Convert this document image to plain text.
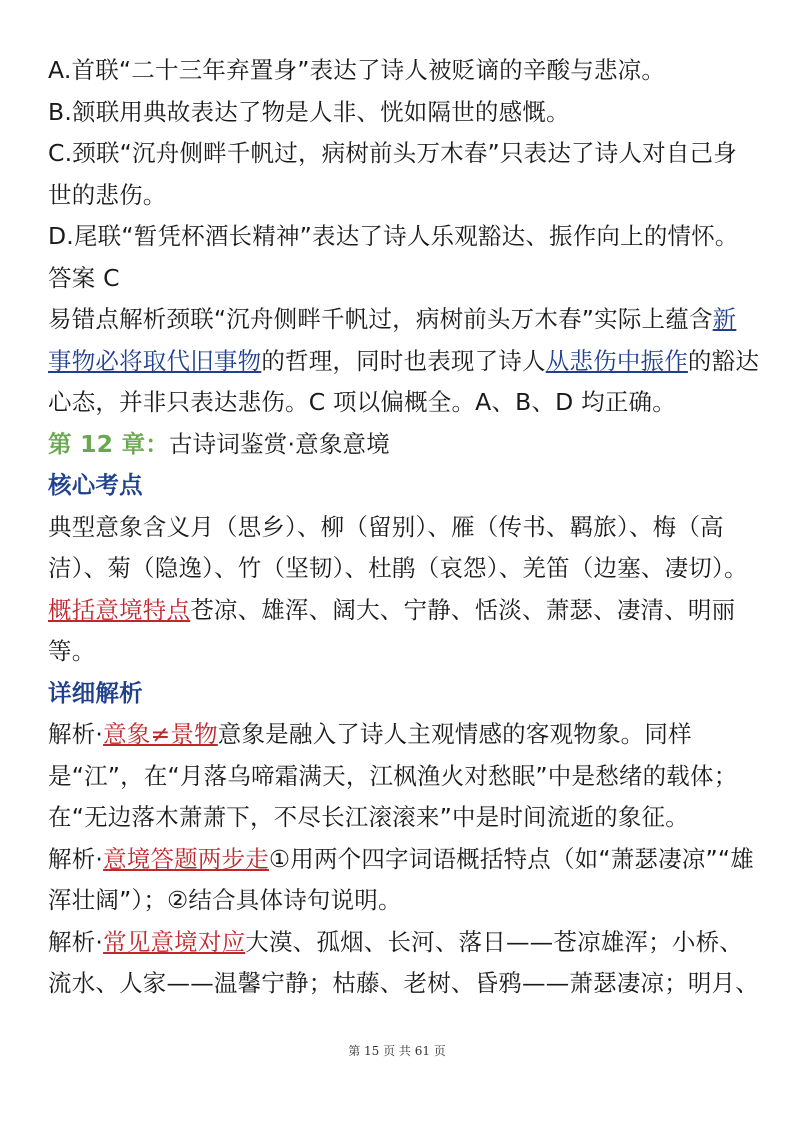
A.首联“二十三年弃置身”表达了诗人被贬谪的辛酸与悲凉。

B.颔联用典故表达了物是人非、恍如隔世的感慨。

C.颈联“沉舟侧畔千帆过，病树前头万木春”只表达了诗人对自己身世的悲伤。

D.尾联“暂凭杯酒长精神”表达了诗人乐观豁达、振作向上的情怀。

答案 C

易错点解析颈联“沉舟侧畔千帆过，病树前头万木春”实际上蕴含新事物必将取代旧事物的哲理，同时也表现了诗人从悲伤中振作的豁达心态，并非只表达悲伤。C 项以偏概全。A、B、D 均正确。

第 12 章：古诗词鉴赏·意象意境

核心考点

典型意象含义月（思乡）、柳（留别）、雁（传书、羁旅）、梅（高洁）、菊（隐逸）、竹（坚韧）、杜鹃（哀怨）、羌笛（边塞、凄切）。

概括意境特点苍凉、雄浑、阔大、宁静、恬淡、萧瑟、凄清、明丽等。

详细解析

解析·意象≠景物意象是融入了诗人主观情感的客观物象。同样是“江”，在“月落乌啼霜满天，江枫渔火对愁眠”中是愁绪的载体；在“无边落木萧萧下，不尽长江滚滚来”中是时间流逝的象征。

解析·意境答题两步走①用两个四字词语概括特点（如“萧瑟凄凉”“雄浑壮阔”）；②结合具体诗句说明。

解析·常见意境对应大漠、孤烟、长河、落日——苍凉雄浑；小桥、流水、人家——温馨宁静；枯藤、老树、昏鸦——萧瑟凄凉；明月、

第 15 页 共 61 页
